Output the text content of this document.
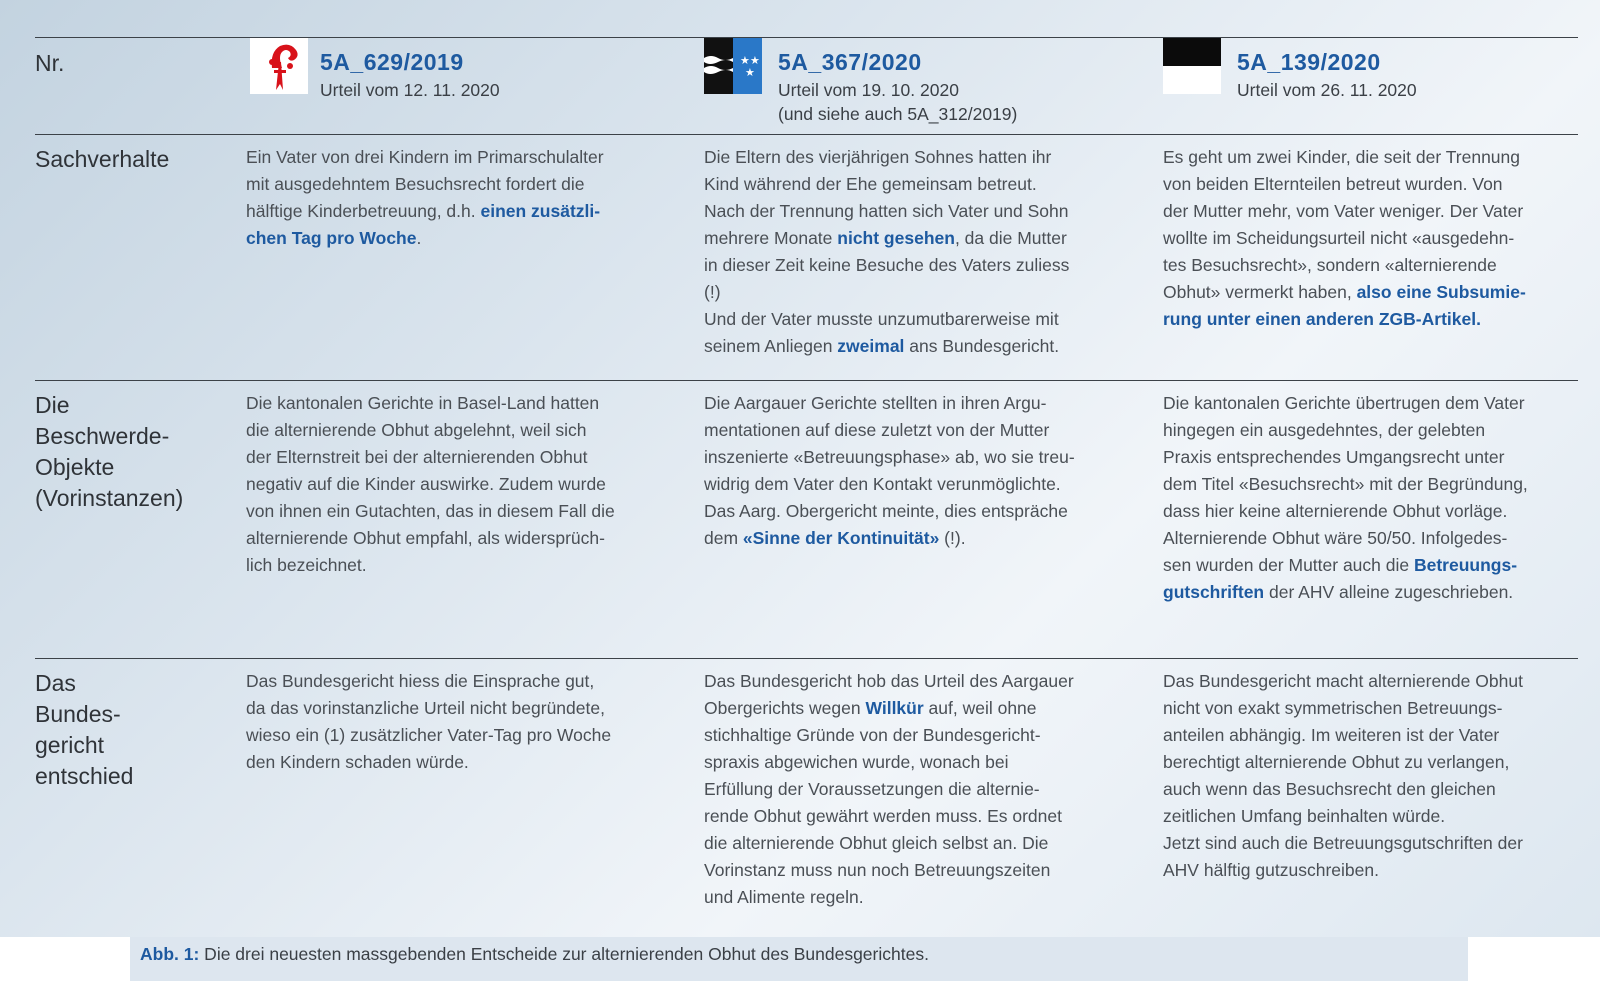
Nr.	5A_629/2019
Urteil vom 12. 11. 2020
★ ★
★ 5A_367/2020
Urteil vom 19. 10. 2020
(und siehe auch 5A_312/2019)
5A_139/2020
Urteil vom 26. 11. 2020
Sachverhalte	Ein Vater von drei Kindern im Primarschulalter
mit ausgedehntem Besuchsrecht fordert die
hälftige Kinderbetreuung, d.h. einen zusätzli-
chen Tag pro Woche.
Die Eltern des vierjährigen Sohnes hatten ihr
Kind während der Ehe gemeinsam betreut.
Nach der Trennung hatten sich Vater und Sohn
mehrere Monate nicht gesehen, da die Mutter
in dieser Zeit keine Besuche des Vaters zuliess
(!)
Und der Vater musste unzumutbarerweise mit
seinem Anliegen zweimal ans Bundesgericht.
Es geht um zwei Kinder, die seit der Trennung
von beiden Elternteilen betreut wurden. Von
der Mutter mehr, vom Vater weniger. Der Vater
wollte im Scheidungsurteil nicht «ausgedehn-
tes Besuchsrecht», sondern «alternierende
Obhut» vermerkt haben, also eine Subsumie-
rung unter einen anderen ZGB-Artikel.
Die
Beschwerde-
Objekte
(Vorinstanzen)
Die kantonalen Gerichte in Basel-Land hatten
die alternierende Obhut abgelehnt, weil sich
der Elternstreit bei der alternierenden Obhut
negativ auf die Kinder auswirke. Zudem wurde
von ihnen ein Gutachten, das in diesem Fall die
alternierende Obhut empfahl, als widersprüch-
lich bezeichnet.
Die Aargauer Gerichte stellten in ihren Argu-
mentationen auf diese zuletzt von der Mutter
inszenierte «Betreuungsphase» ab, wo sie treu-
widrig dem Vater den Kontakt verunmöglichte.
Das Aarg. Obergericht meinte, dies entspräche
dem «Sinne der Kontinuität» (!).
Die kantonalen Gerichte übertrugen dem Vater
hingegen ein ausgedehntes, der gelebten
Praxis entsprechendes Umgangsrecht unter
dem Titel «Besuchsrecht» mit der Begründung,
dass hier keine alternierende Obhut vorläge.
Alternierende Obhut wäre 50/50. Infolgedes-
sen wurden der Mutter auch die Betreuungs-
gutschriften der AHV alleine zugeschrieben.
Das
Bundes-
gericht
entschied
Das Bundesgericht hiess die Einsprache gut,
da das vorinstanzliche Urteil nicht begründete,
wieso ein (1) zusätzlicher Vater-Tag pro Woche
den Kindern schaden würde.
Das Bundesgericht hob das Urteil des Aargauer
Obergerichts wegen Willkür auf, weil ohne
stichhaltige Gründe von der Bundesgericht-
spraxis abgewichen wurde, wonach bei
Erfüllung der Voraussetzungen die alternie-
rende Obhut gewährt werden muss. Es ordnet
die alternierende Obhut gleich selbst an. Die
Vorinstanz muss nun noch Betreuungszeiten
und Alimente regeln.
Das Bundesgericht macht alternierende Obhut
nicht von exakt symmetrischen Betreuungs-
anteilen abhängig. Im weiteren ist der Vater
berechtigt alternierende Obhut zu verlangen,
auch wenn das Besuchsrecht den gleichen
zeitlichen Umfang beinhalten würde.
Jetzt sind auch die Betreuungsgutschriften der
AHV hälftig gutzuschreiben.
Abb. 1: Die drei neuesten massgebenden Entscheide zur alternierenden Obhut des Bundesgerichtes.
